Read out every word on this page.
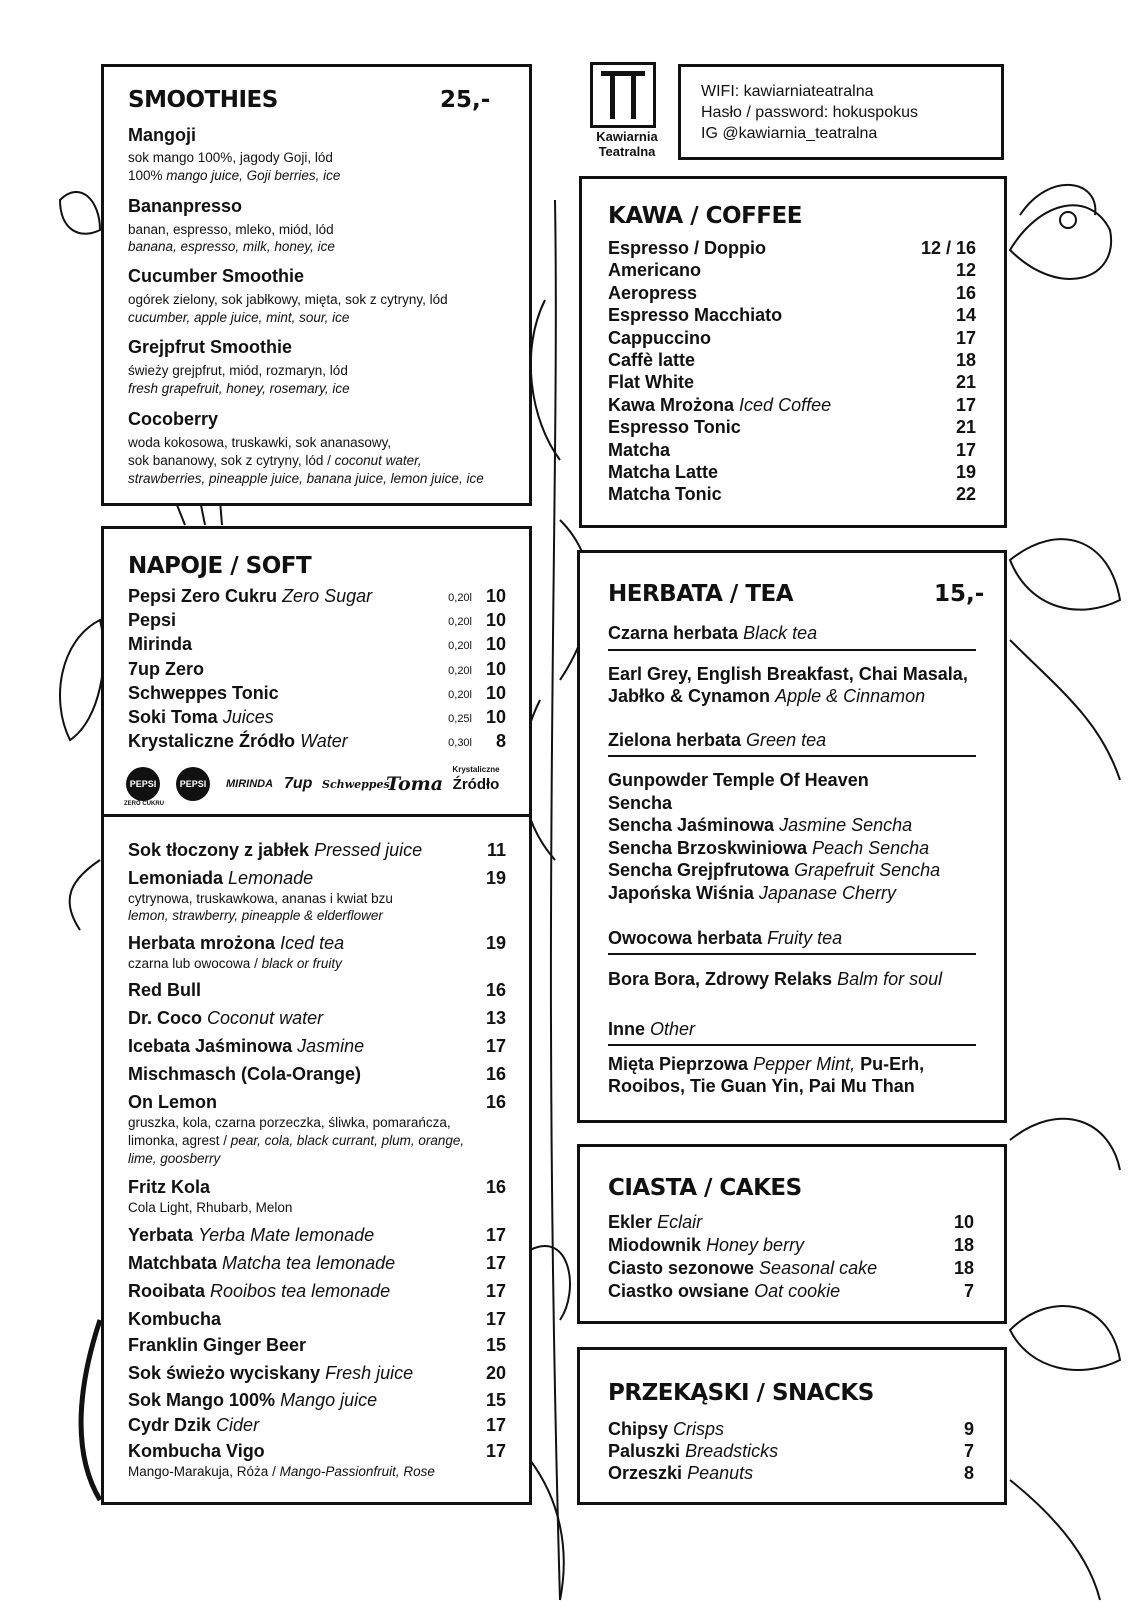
Kawiarnia
Teatralna
WIFI: kawiarniateatralna
Hasło / password: hokuspokus
IG @kawiarnia_teatralna
SMOOTHIES	25,-
Mangoji
sok mango 100%, jagody Goji, lód
100% mango juice, Goji berries, ice
Bananpresso
banan, espresso, mleko, miód, lód
banana, espresso, milk, honey, ice
Cucumber Smoothie
ogórek zielony, sok jabłkowy, mięta, sok z cytryny, lód
cucumber, apple juice, mint, sour, ice
Grejpfrut Smoothie
świeży grejpfrut, miód, rozmaryn, lód
fresh grapefruit, honey, rosemary, ice
Cocoberry
woda kokosowa, truskawki, sok ananasowy,
sok bananowy, sok z cytryny, lód / coconut water,
strawberries, pineapple juice, banana juice, lemon juice, ice
KAWA / COFFEE
Espresso / Doppio	12 / 16
Americano	12
Aeropress	16
Espresso Macchiato	14
Cappuccino	17
Caffè latte	18
Flat White	21
Kawa Mrożona Iced Coffee	17
Espresso Tonic	21
Matcha	17
Matcha Latte	19
Matcha Tonic	22
NAPOJE / SOFT
Pepsi Zero Cukru Zero Sugar	0,20l 10
Pepsi	0,20l 10
Mirinda	0,20l 10
7up Zero	0,20l 10
Schweppes Tonic	0,20l 10
Soki Toma Juices	0,25l 10
Krystaliczne Źródło Water	0,30l	8
PEPSI
ZERO CUKRU
PEPSI MIRINDA 7up Schweppes
Toma
Krystaliczne
Źródło
Sok tłoczony z jabłek Pressed juice	11
Lemoniada Lemonade	19
cytrynowa, truskawkowa, ananas i kwiat bzu
lemon, strawberry, pineapple & elderflower
Herbata mrożona Iced tea	19
czarna lub owocowa / black or fruity
Red Bull	16
Dr. Coco Coconut water	13
Icebata Jaśminowa Jasmine	17
Mischmasch (Cola-Orange)	16
On Lemon	16
gruszka, kola, czarna porzeczka, śliwka, pomarańcza,
limonka, agrest / pear, cola, black currant, plum, orange,
lime, goosberry
Fritz Kola	16
Cola Light, Rhubarb, Melon
Yerbata Yerba Mate lemonade	17
Matchbata Matcha tea lemonade	17
Rooibata Rooibos tea lemonade	17
Kombucha	17
Franklin Ginger Beer	15
Sok świeżo wyciskany Fresh juice	20
Sok Mango 100% Mango juice	15
Cydr Dzik Cider	17
Kombucha Vigo	17
Mango-Marakuja, Róża / Mango-Passionfruit, Rose
HERBATA / TEA	15,-
Czarna herbata Black tea
Earl Grey, English Breakfast, Chai Masala,
Jabłko & Cynamon Apple & Cinnamon
Zielona herbata Green tea
Gunpowder Temple Of Heaven
Sencha
Sencha Jaśminowa Jasmine Sencha
Sencha Brzoskwiniowa Peach Sencha
Sencha Grejpfrutowa Grapefruit Sencha
Japońska Wiśnia Japanase Cherry
Owocowa herbata Fruity tea
Bora Bora, Zdrowy Relaks Balm for soul
Inne Other
Mięta Pieprzowa Pepper Mint, Pu-Erh,
Rooibos, Tie Guan Yin, Pai Mu Than
CIASTA / CAKES
Ekler Eclair	10
Miodownik Honey berry	18
Ciasto sezonowe Seasonal cake	18
Ciastko owsiane Oat cookie	7
PRZEKĄSKI / SNACKS
Chipsy Crisps	9
Paluszki Breadsticks	7
Orzeszki Peanuts	8
